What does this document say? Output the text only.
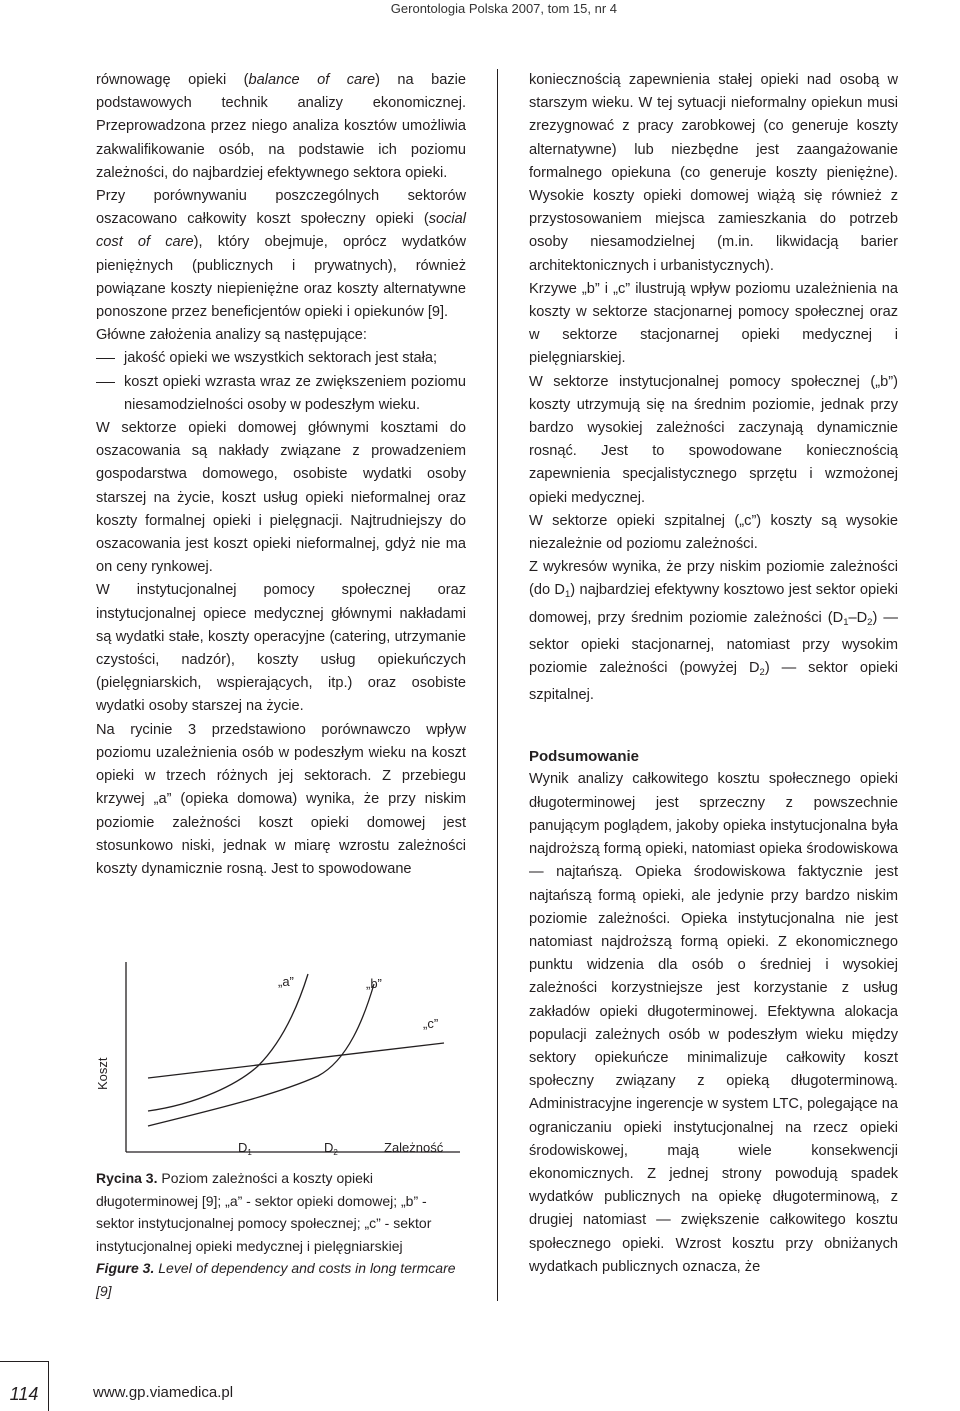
Gerontologia Polska 2007, tom 15, nr 4

równowagę opieki (balance of care) na bazie podstawowych technik analizy ekonomicznej. Przeprowadzona przez niego analiza kosztów umożliwia zakwalifikowanie osób, na podstawie ich poziomu zależności, do najbardziej efektywnego sektora opieki.

Przy porównywaniu poszczególnych sektorów oszacowano całkowity koszt społeczny opieki (social cost of care), który obejmuje, oprócz wydatków pieniężnych (publicznych i prywatnych), również powiązane koszty niepieniężne oraz koszty alternatywne ponoszone przez beneficjentów opieki i opiekunów [9].

Główne założenia analizy są następujące:

jakość opieki we wszystkich sektorach jest stała;

koszt opieki wzrasta wraz ze zwiększeniem poziomu niesamodzielności osoby w podeszłym wieku.

W sektorze opieki domowej głównymi kosztami do oszacowania są nakłady związane z prowadzeniem gospodarstwa domowego, osobiste wydatki osoby starszej na życie, koszt usług opieki nieformalnej oraz koszty formalnej opieki i pielęgnacji. Najtrudniejszy do oszacowania jest koszt opieki nieformalnej, gdyż nie ma on ceny rynkowej.

W instytucjonalnej pomocy społecznej oraz instytucjonalnej opiece medycznej głównymi nakładami są wydatki stałe, koszty operacyjne (catering, utrzymanie czystości, nadzór), koszty usług opiekuńczych (pielęgniarskich, wspierających, itp.) oraz osobiste wydatki osoby starszej na życie.

Na rycinie 3 przedstawiono porównawczo wpływ poziomu uzależnienia osób w podeszłym wieku na koszt opieki w trzech różnych jej sektorach. Z przebiegu krzywej „a” (opieka domowa) wynika, że przy niskim poziomie zależności koszt opieki domowej jest stosunkowo niski, jednak w miarę wzrostu zależności koszty dynamicznie rosną. Jest to spowodowane

Koszt
Zależność
„a”	„b”
„c”
$D_1$	$D_2$

Rycina 3. Poziom zależności a koszty opieki długoterminowej [9]; „a” - sektor opieki domowej; „b” - sektor instytucjonalnej pomocy społecznej; „c” - sektor instytucjonalnej opieki medycznej i pielęgniarskiej

Figure 3. Level of dependency and costs in long termcare [9]

koniecznością zapewnienia stałej opieki nad osobą w starszym wieku. W tej sytuacji nieformalny opiekun musi zrezygnować z pracy zarobkowej (co generuje koszty alternatywne) lub niezbędne jest zaangażowanie formalnego opiekuna (co generuje koszty pieniężne). Wysokie koszty opieki domowej wiążą się również z przystosowaniem miejsca zamieszkania do potrzeb osoby niesamodzielnej (m.in. likwidacją barier architektonicznych i urbanistycznych).

Krzywe „b” i „c” ilustrują wpływ poziomu uzależnienia na koszty w sektorze stacjonarnej pomocy społecznej oraz w sektorze stacjonarnej opieki medycznej i pielęgniarskiej.

W sektorze instytucjonalnej pomocy społecznej („b”) koszty utrzymują się na średnim poziomie, jednak przy bardzo wysokiej zależności zaczynają dynamicznie rosnąć. Jest to spowodowane koniecznością zapewnienia specjalistycznego sprzętu i wzmożonej opieki medycznej.

W sektorze opieki szpitalnej („c”) koszty są wysokie niezależnie od poziomu zależności.

Z wykresów wynika, że przy niskim poziomie zależności (do $D_1$) najbardziej efektywny kosztowo jest sektor opieki domowej, przy średnim poziomie zależności $(D_1-D_2)$ — sektor opieki stacjonarnej, natomiast przy wysokim poziomie zależności (powyżej $D_2$) — sektor opieki szpitalnej.

Podsumowanie

Wynik analizy całkowitego kosztu społecznego opieki długoterminowej jest sprzeczny z powszechnie panującym poglądem, jakoby opieka instytucjonalna była najdroższą formą opieki, natomiast opieka środowiskowa — najtańszą. Opieka środowiskowa faktycznie jest najtańszą formą opieki, ale jedynie przy bardzo niskim poziomie zależności. Opieka instytucjonalna nie jest natomiast najdroższą formą opieki. Z ekonomicznego punktu widzenia dla osób o średniej i wysokiej zależności korzystniejsze jest korzystanie z usług zakładów opieki długoterminowej. Efektywna alokacja populacji zależnych osób w podeszłym wieku między sektory opiekuńcze minimalizuje całkowity koszt społeczny związany z opieką długoterminową. Administracyjne ingerencje w system LTC, polegające na ograniczaniu opieki instytucjonalnej na rzecz opieki środowiskowej, mają wiele konsekwencji ekonomicznych. Z jednej strony powodują spadek wydatków publicznych na opiekę długoterminową, z drugiej natomiast — zwiększenie całkowitego kosztu społecznego opieki. Wzrost kosztu przy obniżanych wydatkach publicznych oznacza, że

114	www.gp.viamedica.pl
